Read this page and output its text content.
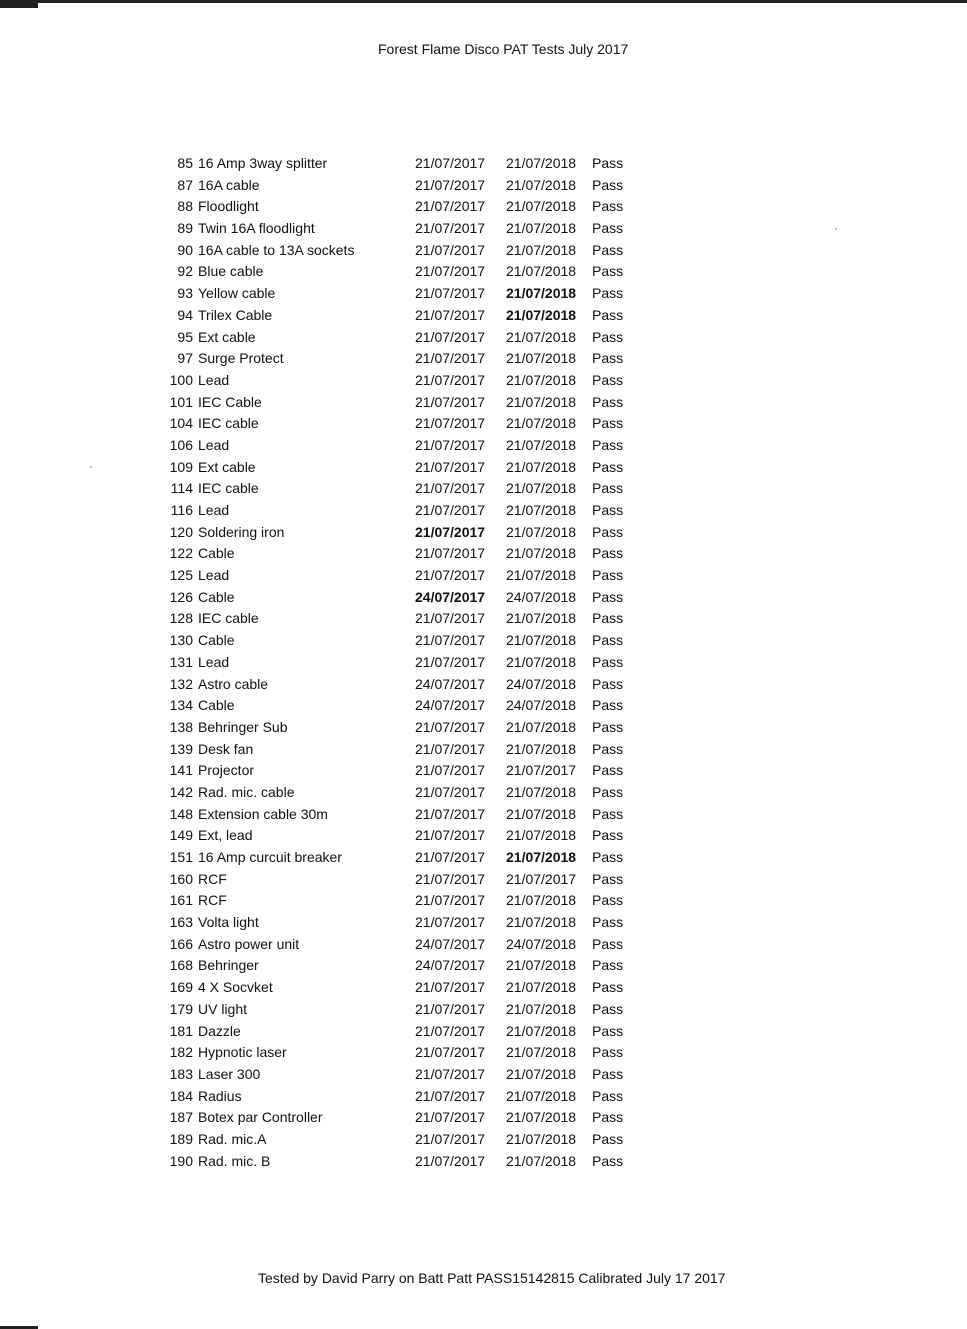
Forest Flame Disco PAT Tests July 2017
85 16 Amp 3way splitter	21/07/2017 21/07/2018 Pass
87 16A cable	21/07/2017 21/07/2018 Pass
88 Floodlight	21/07/2017 21/07/2018 Pass
89 Twin 16A floodlight	21/07/2017 21/07/2018 Pass
90 16A cable to 13A sockets	21/07/2017 21/07/2018 Pass
92 Blue cable	21/07/2017 21/07/2018 Pass
93 Yellow cable	21/07/2017 21/07/2018 Pass
94 Trilex Cable	21/07/2017 21/07/2018 Pass
95 Ext cable	21/07/2017 21/07/2018 Pass
97 Surge Protect	21/07/2017 21/07/2018 Pass
100 Lead	21/07/2017 21/07/2018 Pass
101 IEC Cable	21/07/2017 21/07/2018 Pass
104 IEC cable	21/07/2017 21/07/2018 Pass
106 Lead	21/07/2017 21/07/2018 Pass
109 Ext cable	21/07/2017 21/07/2018 Pass
114 IEC cable	21/07/2017 21/07/2018 Pass
116 Lead	21/07/2017 21/07/2018 Pass
120 Soldering iron	21/07/2017 21/07/2018 Pass
122 Cable	21/07/2017 21/07/2018 Pass
125 Lead	21/07/2017 21/07/2018 Pass
126 Cable	24/07/2017 24/07/2018 Pass
128 IEC cable	21/07/2017 21/07/2018 Pass
130 Cable	21/07/2017 21/07/2018 Pass
131 Lead	21/07/2017 21/07/2018 Pass
132 Astro cable	24/07/2017 24/07/2018 Pass
134 Cable	24/07/2017 24/07/2018 Pass
138 Behringer Sub	21/07/2017 21/07/2018 Pass
139 Desk fan	21/07/2017 21/07/2018 Pass
141 Projector	21/07/2017 21/07/2017 Pass
142 Rad. mic. cable	21/07/2017 21/07/2018 Pass
148 Extension cable 30m	21/07/2017 21/07/2018 Pass
149 Ext, lead	21/07/2017 21/07/2018 Pass
151 16 Amp curcuit breaker	21/07/2017 21/07/2018 Pass
160 RCF	21/07/2017 21/07/2017 Pass
161 RCF	21/07/2017 21/07/2018 Pass
163 Volta light	21/07/2017 21/07/2018 Pass
166 Astro power unit	24/07/2017 24/07/2018 Pass
168 Behringer	24/07/2017 21/07/2018 Pass
169 4 X Socvket	21/07/2017 21/07/2018 Pass
179 UV light	21/07/2017 21/07/2018 Pass
181 Dazzle	21/07/2017 21/07/2018 Pass
182 Hypnotic laser	21/07/2017 21/07/2018 Pass
183 Laser 300	21/07/2017 21/07/2018 Pass
184 Radius	21/07/2017 21/07/2018 Pass
187 Botex par Controller	21/07/2017 21/07/2018 Pass
189 Rad. mic.A	21/07/2017 21/07/2018 Pass
190 Rad. mic. B	21/07/2017 21/07/2018 Pass
Tested by David Parry on Batt Patt PASS15142815 Calibrated July 17 2017
